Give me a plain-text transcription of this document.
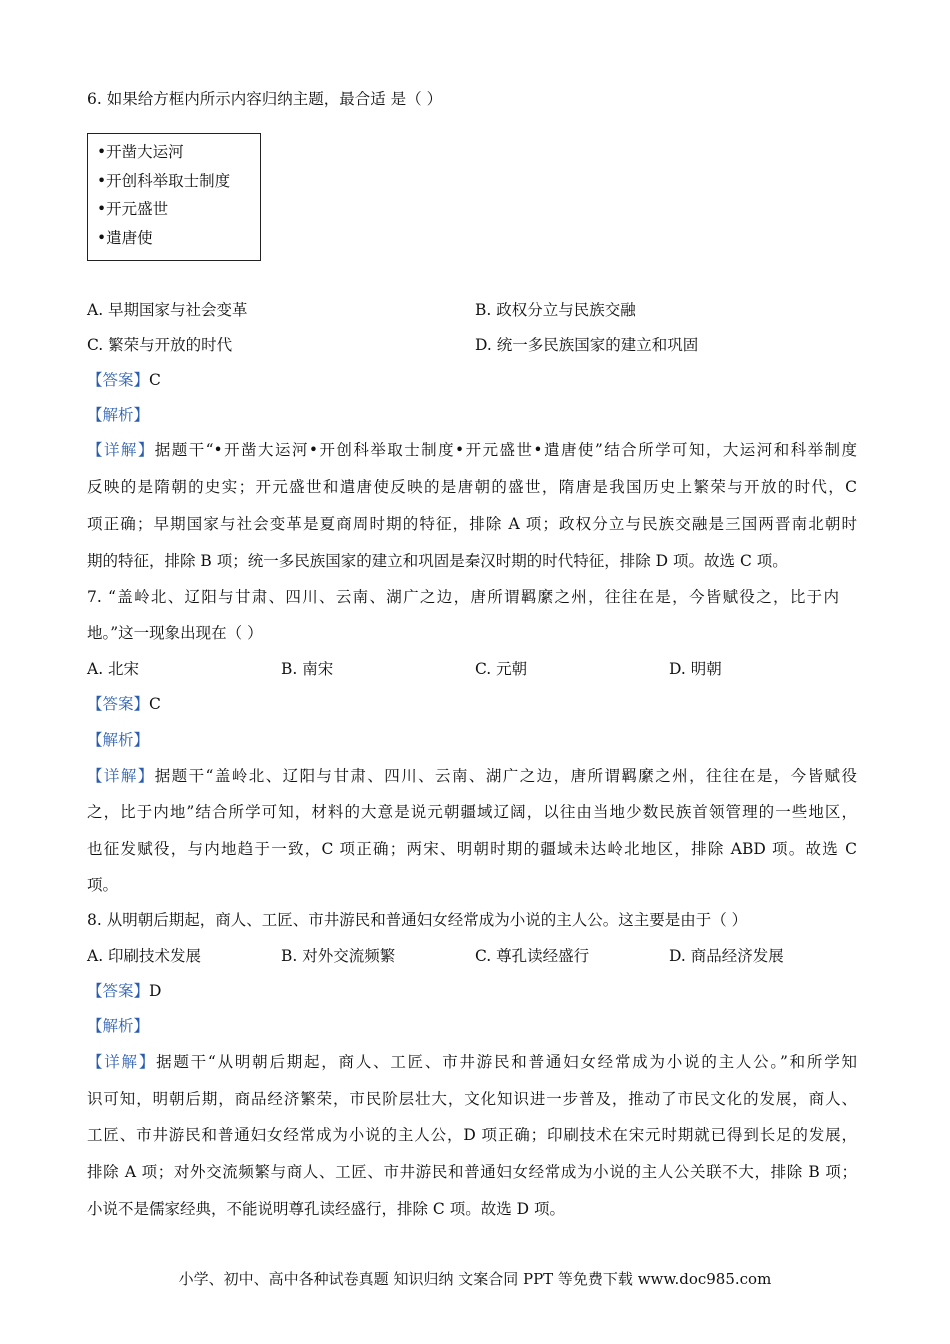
6. 如果给方框内所示内容归纳主题，最合适 是（ ）
•开凿大运河
•开创科举取士制度
•开元盛世
•遣唐使
A. 早期国家与社会变革	B. 政权分立与民族交融
C. 繁荣与开放的时代	D. 统一多民族国家的建立和巩固
【答案】C
【解析】
【详解】据题干“•开凿大运河•开创科举取士制度•开元盛世•遣唐使”结合所学可知，大运河和科举制度
反映的是隋朝的史实；开元盛世和遣唐使反映的是唐朝的盛世，隋唐是我国历史上繁荣与开放的时代，C
项正确；早期国家与社会变革是夏商周时期的特征，排除 A 项；政权分立与民族交融是三国两晋南北朝时
期的特征，排除 B 项；统一多民族国家的建立和巩固是秦汉时期的时代特征，排除 D 项。故选 C 项。
7. “盖岭北、辽阳与甘肃、四川、云南、湖广之边，唐所谓羁縻之州，往往在是，今皆赋役之，比于内
地。”这一现象出现在（ ）
A. 北宋	B. 南宋	C. 元朝	D. 明朝
【答案】C
【解析】
【详解】据题干“盖岭北、辽阳与甘肃、四川、云南、湖广之边，唐所谓羁縻之州，往往在是，今皆赋役
之，比于内地”结合所学可知，材料的大意是说元朝疆域辽阔，以往由当地少数民族首领管理的一些地区，
也征发赋役，与内地趋于一致，C 项正确；两宋、明朝时期的疆域未达岭北地区，排除 ABD 项。故选 C
项。
8. 从明朝后期起，商人、工匠、市井游民和普通妇女经常成为小说的主人公。这主要是由于（ ）
A. 印刷技术发展	B. 对外交流频繁	C. 尊孔读经盛行	D. 商品经济发展
【答案】D
【解析】
【详解】据题干“从明朝后期起，商人、工匠、市井游民和普通妇女经常成为小说的主人公。”和所学知
识可知，明朝后期，商品经济繁荣，市民阶层壮大，文化知识进一步普及，推动了市民文化的发展，商人、
工匠、市井游民和普通妇女经常成为小说的主人公，D 项正确；印刷技术在宋元时期就已得到长足的发展，
排除 A 项；对外交流频繁与商人、工匠、市井游民和普通妇女经常成为小说的主人公关联不大，排除 B 项；
小说不是儒家经典，不能说明尊孔读经盛行，排除 C 项。故选 D 项。
小学、初中、高中各种试卷真题 知识归纳 文案合同 PPT 等免费下载 www.doc985.com
